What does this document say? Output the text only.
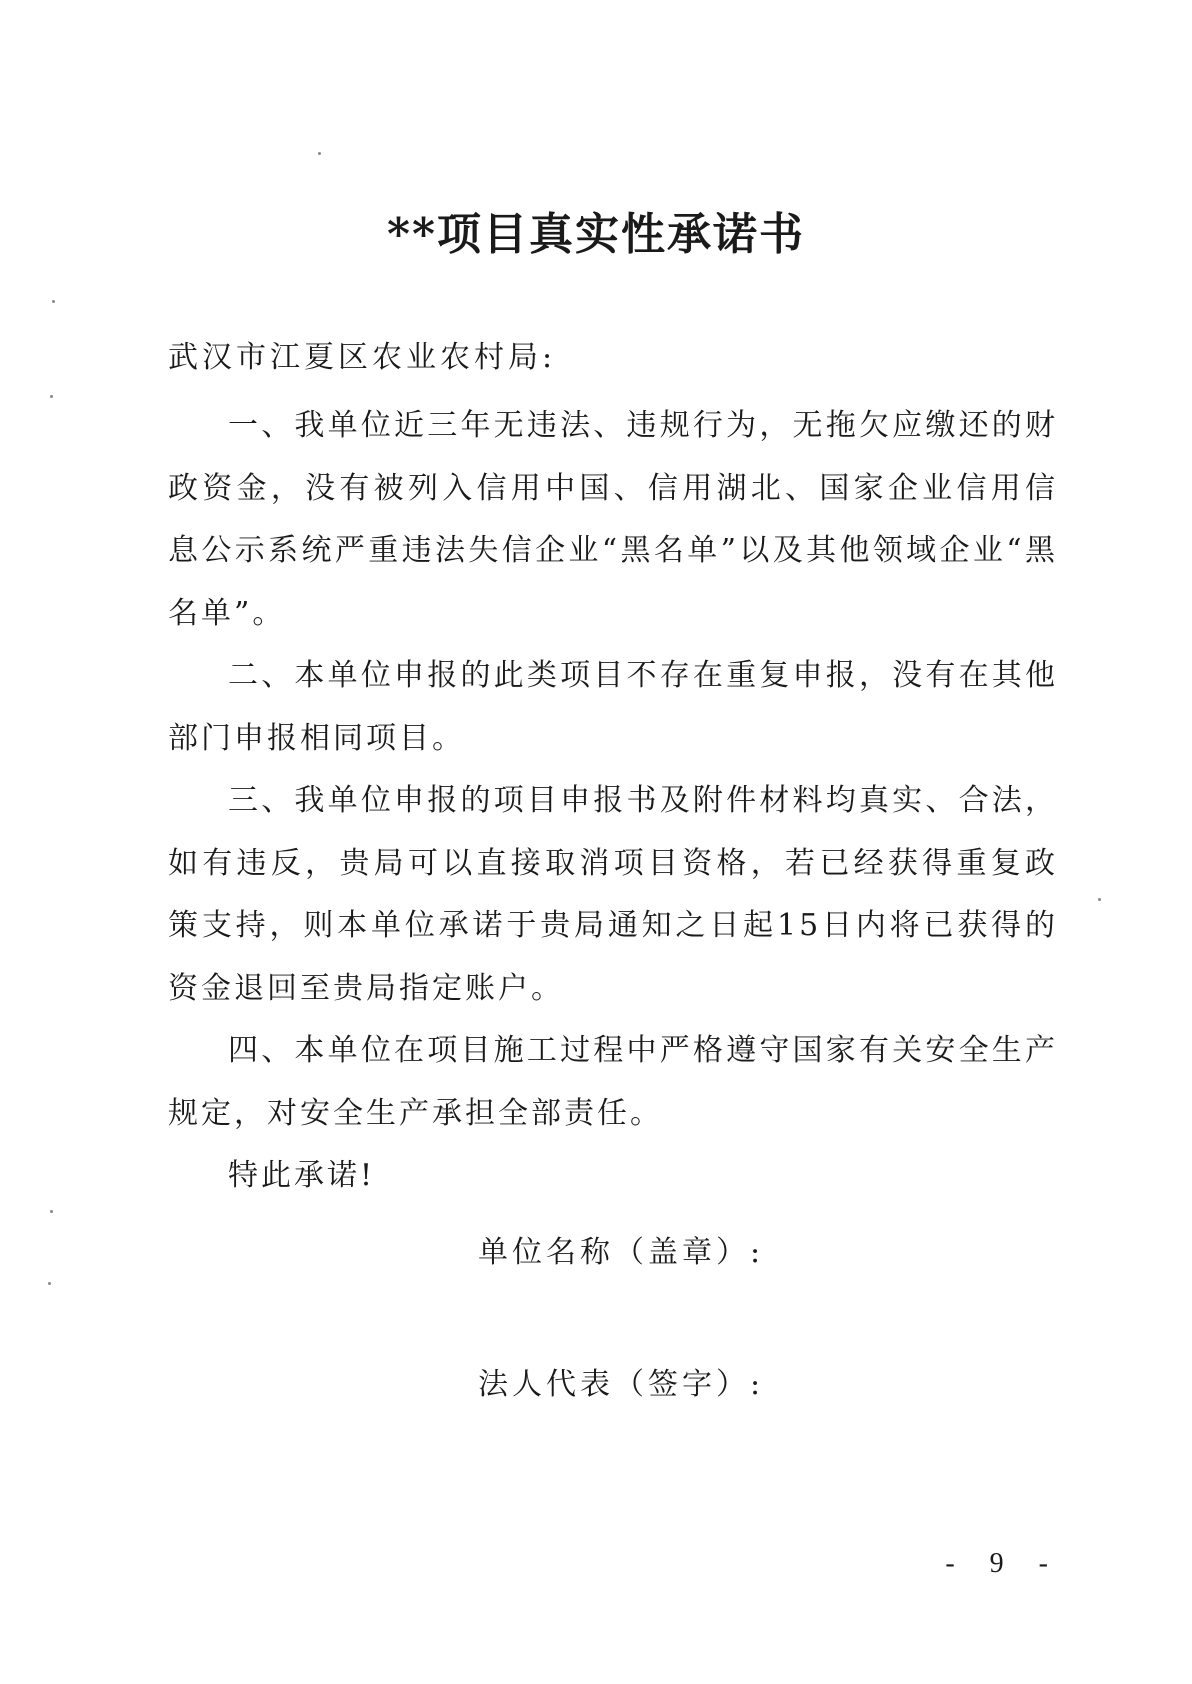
**项目真实性承诺书
武汉市江夏区农业农村局:

一、我单位近三年无违法、违规行为，无拖欠应缴还的财政资金，没有被列入信用中国、信用湖北、国家企业信用信息公示系统严重违法失信企业“黑名单”以及其他领域企业“黑名单”。

二、本单位申报的此类项目不存在重复申报，没有在其他部门申报相同项目。

三、我单位申报的项目申报书及附件材料均真实、合法，如有违反，贵局可以直接取消项目资格，若已经获得重复政策支持，则本单位承诺于贵局通知之日起15日内将已获得的资金退回至贵局指定账户。

四、本单位在项目施工过程中严格遵守国家有关安全生产规定，对安全生产承担全部责任。

特此承诺!

单位名称（盖章）:
法人代表（签字）:
- 9 -
